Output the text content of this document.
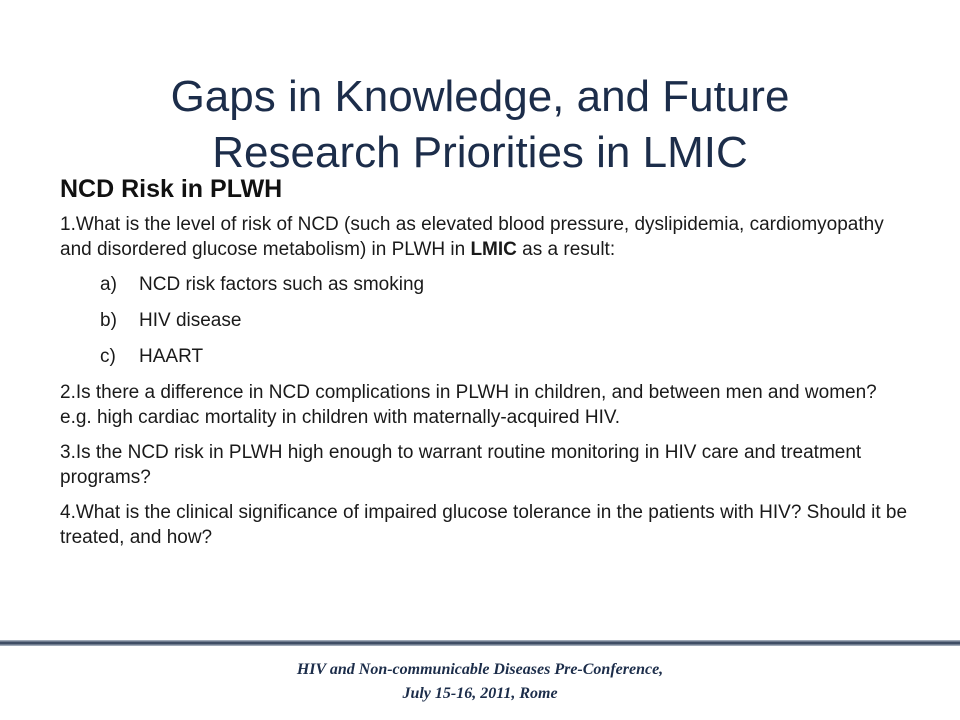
Gaps in Knowledge, and Future
Research Priorities in LMIC
NCD Risk in PLWH

1.What is the level of risk of NCD (such as elevated blood pressure, dyslipidemia, cardiomyopathy and disordered glucose metabolism) in PLWH in LMIC as a result:

a)	NCD risk factors such as smoking
b)	HIV disease
c)	HAART

2.Is there a difference in NCD complications in PLWH in children, and between men and women? e.g. high cardiac mortality in children with maternally-acquired HIV.

3.Is the NCD risk in PLWH high enough to warrant routine monitoring in HIV care and treatment programs?

4.What is the clinical significance of impaired glucose tolerance in the patients with HIV? Should it be treated, and how?

HIV and Non-communicable Diseases Pre-Conference,
July 15-16, 2011, Rome
